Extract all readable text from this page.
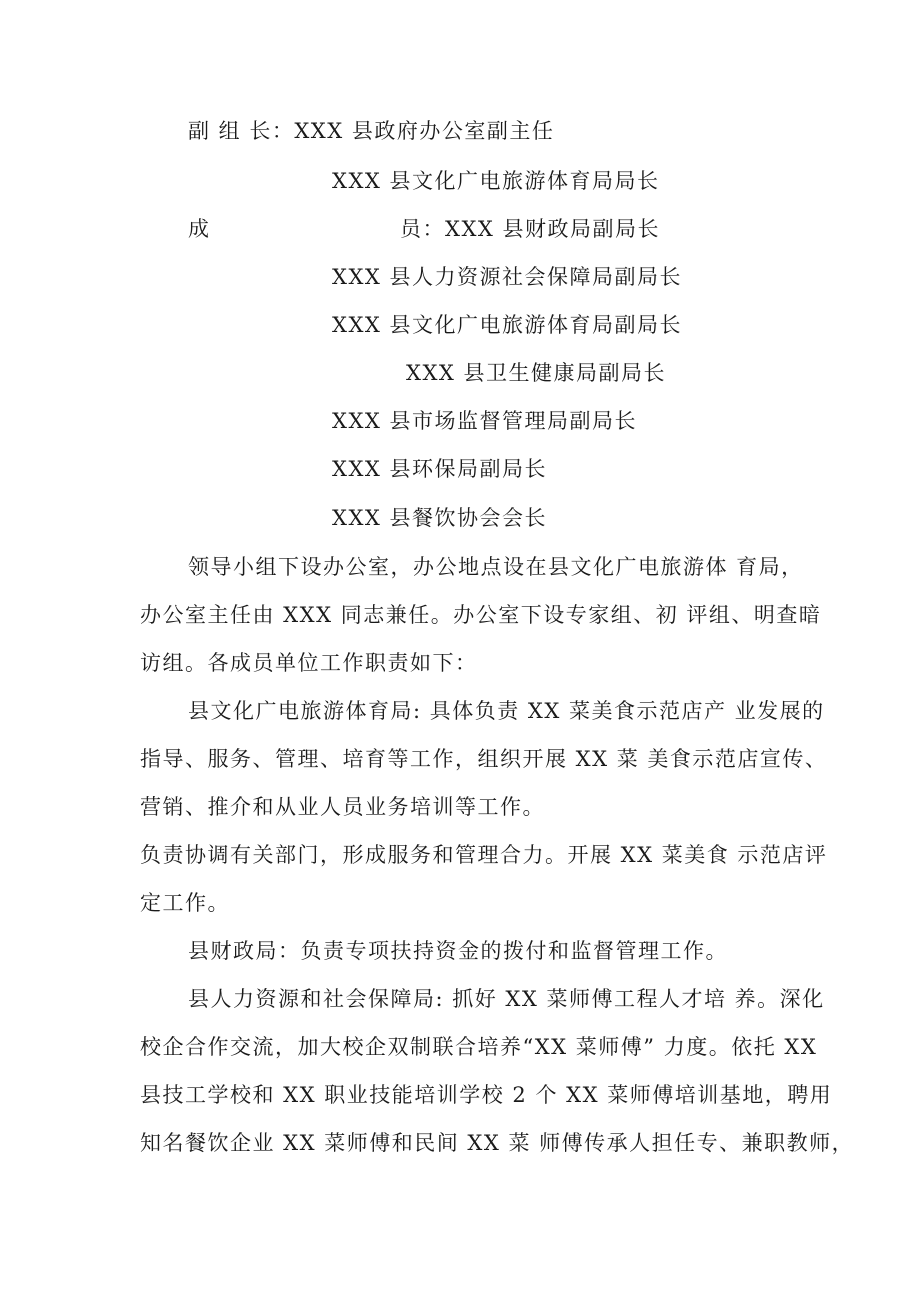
副 组 长：XXX 县政府办公室副主任
XXX 县文化广电旅游体育局局长
成	员：XXX 县财政局副局长
XXX 县人力资源社会保障局副局长
XXX 县文化广电旅游体育局副局长
XXX 县卫生健康局副局长
XXX 县市场监督管理局副局长
XXX 县环保局副局长
XXX 县餐饮协会会长
领导小组下设办公室，办公地点设在县文化广电旅游体 育局，
办公室主任由 XXX 同志兼任。办公室下设专家组、初 评组、明查暗
访组。各成员单位工作职责如下：
县文化广电旅游体育局: 具体负责 XX 菜美食示范店产 业发展的
指导、服务、管理、培育等工作，组织开展 XX 菜 美食示范店宣传、
营销、推介和从业人员业务培训等工作。
负责协调有关部门，形成服务和管理合力。开展 XX 菜美食 示范店评
定工作。
县财政局：负责专项扶持资金的拨付和监督管理工作。
县人力资源和社会保障局: 抓好 XX 菜师傅工程人才培 养。深化
校企合作交流，加大校企双制联合培养“XX 菜师傅” 力度。依托 XX
县技工学校和 XX 职业技能培训学校 2 个 XX 菜师傅培训基地，聘用
知名餐饮企业 XX 菜师傅和民间 XX 菜 师傅传承人担任专、兼职教师，
